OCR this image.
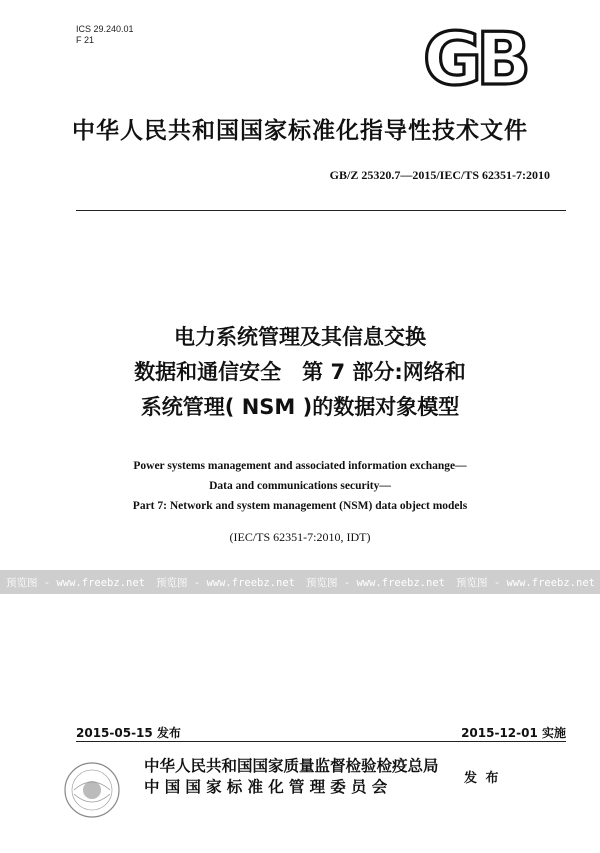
ICS 29.240.01
F 21	GB
中华人民共和国国家标准化指导性技术文件
GB/Z 25320.7—2015/IEC/TS 62351-7:2010
电力系统管理及其信息交换
数据和通信安全　第 7 部分:网络和
系统管理( NSM )的数据对象模型
Power systems management and associated information exchange—
Data and communications security—
Part 7: Network and system management (NSM) data object models
(IEC/TS 62351-7:2010, IDT)
预览图 - www.freebz.net 预览图 - www.freebz.net 预览图 - www.freebz.net 预览图 - www.freebz.net
2015-05-15 发布	2015-12-01 实施
中华人民共和国国家质量监督检验检疫总局
中国国家标准化管理委员会	发 布
